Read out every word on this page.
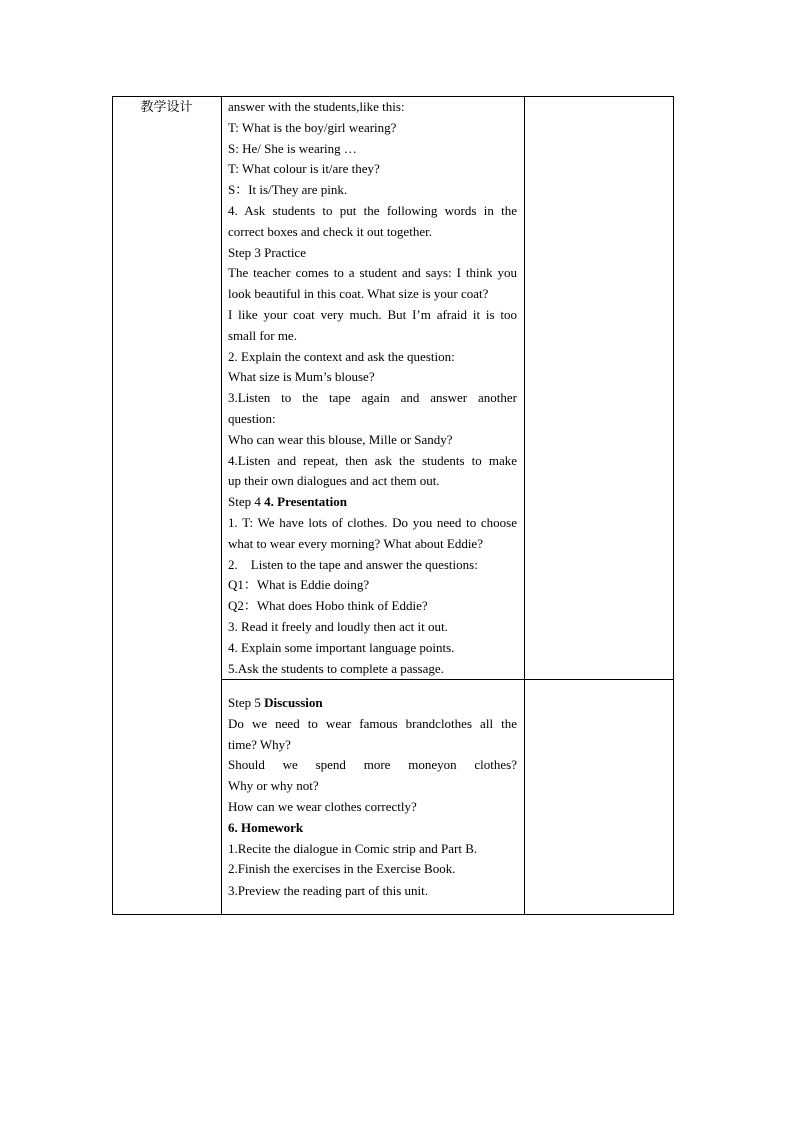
教学设计	answer with the students,like this:
T: What is the boy/girl wearing?
S: He/ She is wearing …
T: What colour is it/are they?
S：It is/They are pink.
4. Ask students to put the following words in the
correct boxes and check it out together.
Step 3 Practice
The teacher comes to a student and says: I think you
look beautiful in this coat. What size is your coat?
I like your coat very much. But I’m afraid it is too
small for me.
2. Explain the context and ask the question:
What size is Mum’s blouse?
3.Listen to the tape again and answer another
question:
Who can wear this blouse, Mille or Sandy?
4.Listen and repeat, then ask the students to make
up their own dialogues and act them out.
Step 4 4. Presentation
1. T: We have lots of clothes. Do you need to choose
what to wear every morning? What about Eddie?
2.    Listen to the tape and answer the questions:
Q1：What is Eddie doing?
Q2：What does Hobo think of Eddie?
3. Read it freely and loudly then act it out.
4. Explain some important language points.
5.Ask the students to complete a passage.
Step 5 Discussion
Do we need to wear famous brandclothes all the
time? Why?
Should we spend more moneyon clothes?
Why or why not?
How can we wear clothes correctly?
6. Homework
1.Recite the dialogue in Comic strip and Part B.
2.Finish the exercises in the Exercise Book.
3.Preview the reading part of this unit.
